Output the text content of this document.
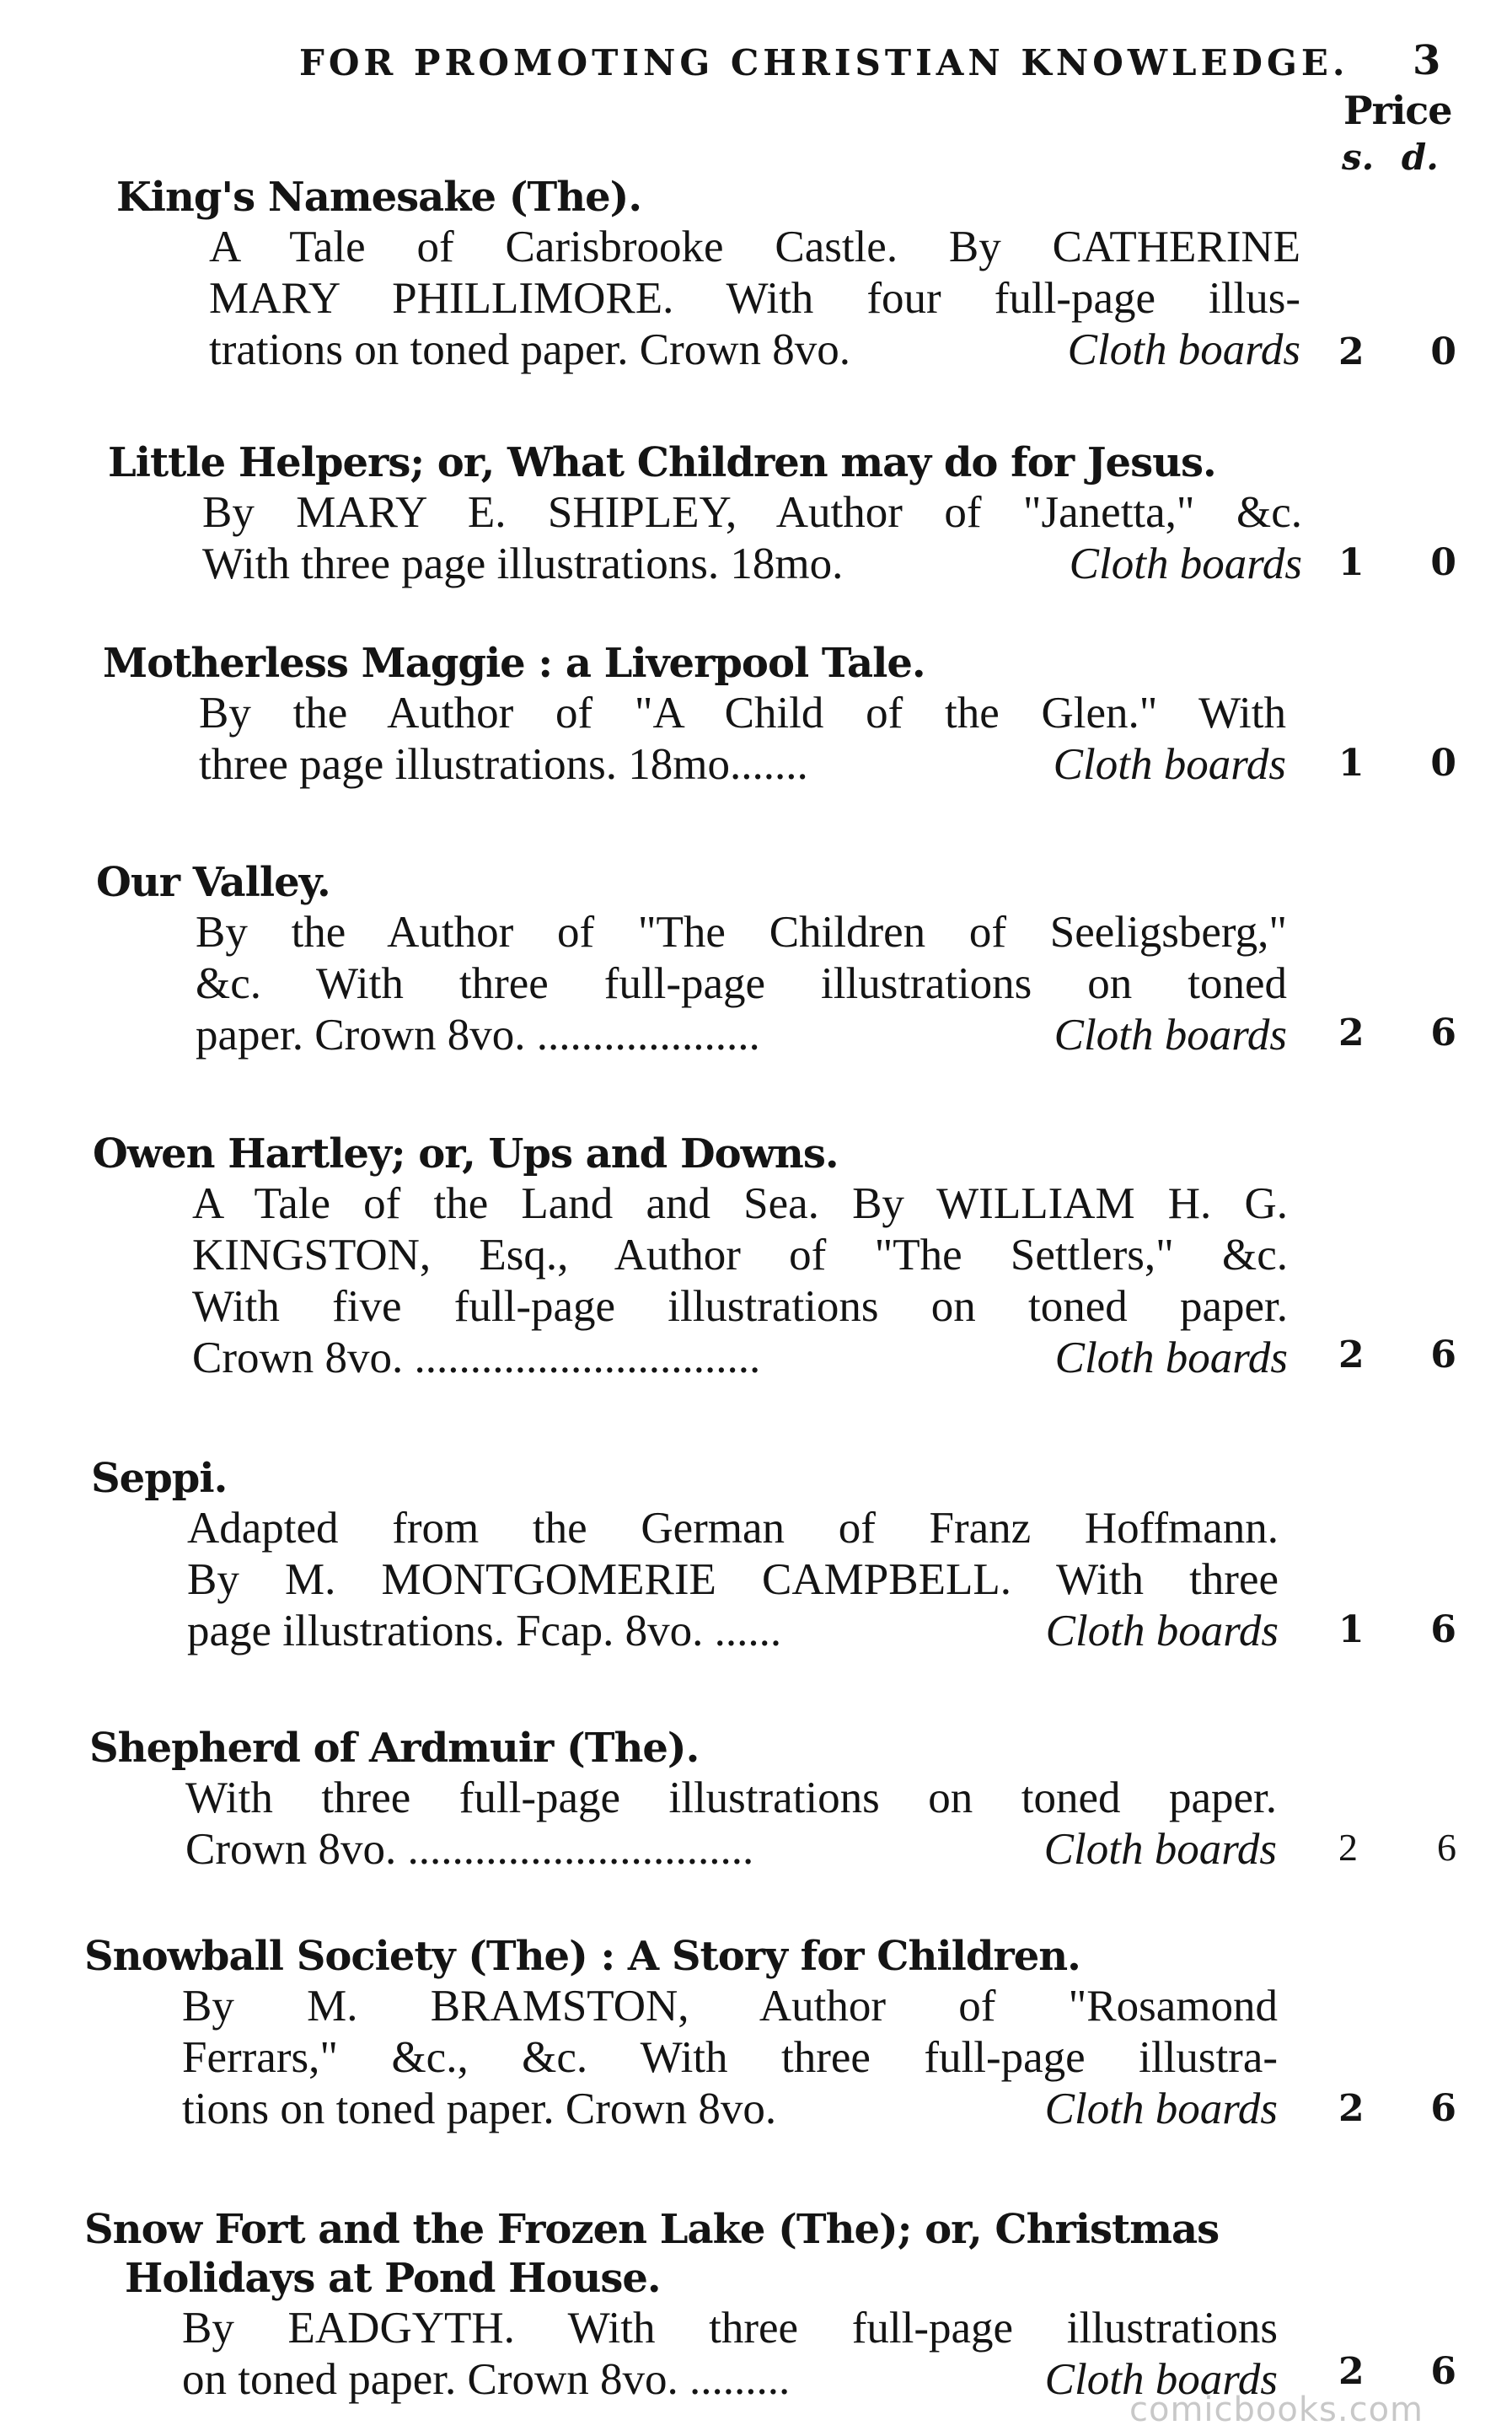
FOR PROMOTING CHRISTIAN KNOWLEDGE. 3
Price
s. d.
King's Namesake (The).
A Tale of Carisbrooke Castle. By CATHERINE
MARY PHILLIMORE. With four full-page illus-
trations on toned paper. Crown 8vo.	Cloth boards 2 0
Little Helpers; or, What Children may do for Jesus.
By MARY E. SHIPLEY, Author of "Janetta," &c.
With three page illustrations. 18mo.	Cloth boards 1 0
Motherless Maggie : a Liverpool Tale.
By the Author of "A Child of the Glen." With
three page illustrations. 18mo.......	Cloth boards 1 0
Our Valley.
By the Author of "The Children of Seeligsberg,"
&c. With three full-page illustrations on toned
paper. Crown 8vo. ....................	Cloth boards 2 6
Owen Hartley; or, Ups and Downs.
A Tale of the Land and Sea. By WILLIAM H. G.
KINGSTON, Esq., Author of "The Settlers," &c.
With five full-page illustrations on toned paper.
Crown 8vo. ...............................	Cloth boards 2 6
Seppi.
Adapted from the German of Franz Hoffmann.
By M. MONTGOMERIE CAMPBELL. With three
page illustrations. Fcap. 8vo. ......	Cloth boards 1 6
Shepherd of Ardmuir (The).
With three full-page illustrations on toned paper.
Crown 8vo. ...............................	Cloth boards 2 6
Snowball Society (The) : A Story for Children.
By M. BRAMSTON, Author of "Rosamond
Ferrars," &c., &c. With three full-page illustra-
tions on toned paper. Crown 8vo.	Cloth boards 2 6
Snow Fort and the Frozen Lake (The); or, Christmas
Holidays at Pond House.
By EADGYTH. With three full-page illustrations
on toned paper. Crown 8vo. .........	Cloth boards 2 6
comicbooks.com
